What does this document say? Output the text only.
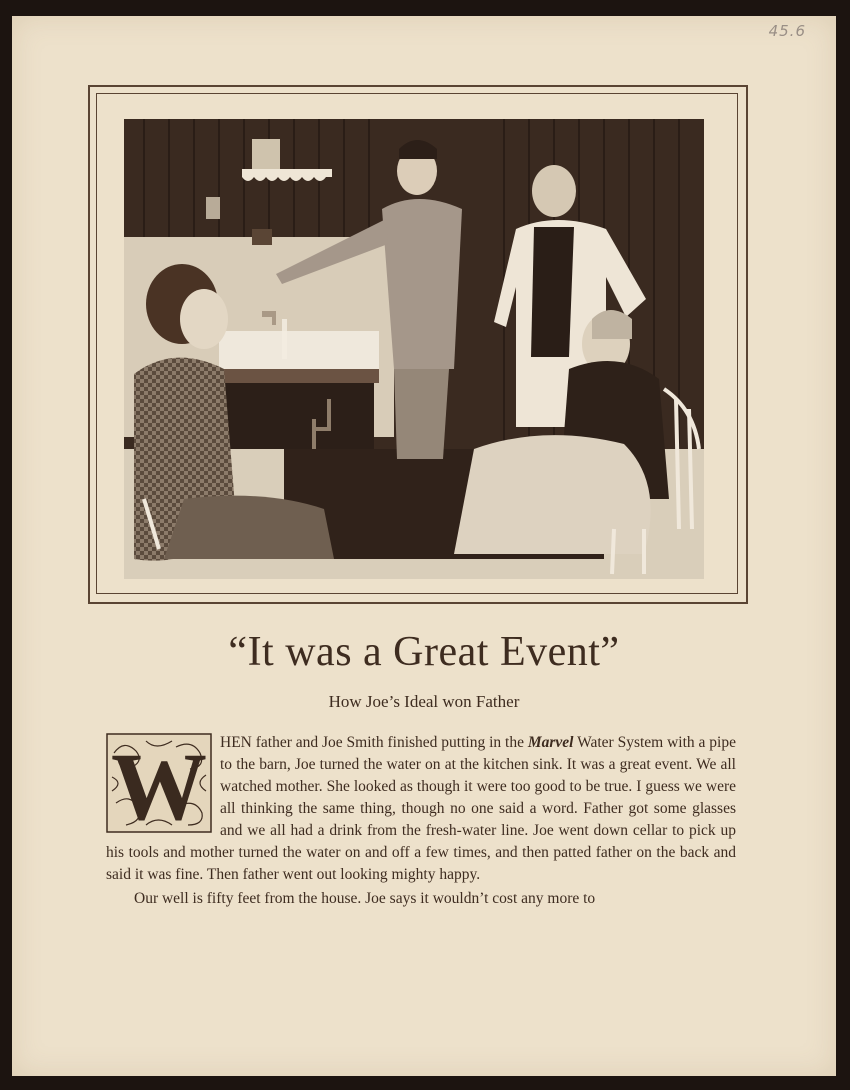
45.6
“It was a Great Event”
How Joe’s Ideal won Father
W HEN father and Joe Smith finished putting in the Marvel Water System with a pipe to the barn, Joe turned the water on at the kitchen sink. It was a great event. We all watched mother. She looked as though it were too good to be true. I guess we were all thinking the same thing, though no one said a word. Father got some glasses and we all had a drink from the fresh-water line. Joe went down cellar to pick up his tools and mother turned the water on and off a few times, and then patted father on the back and said it was fine. Then father went out looking mighty happy.

Our well is fifty feet from the house. Joe says it wouldn’t cost any more to
